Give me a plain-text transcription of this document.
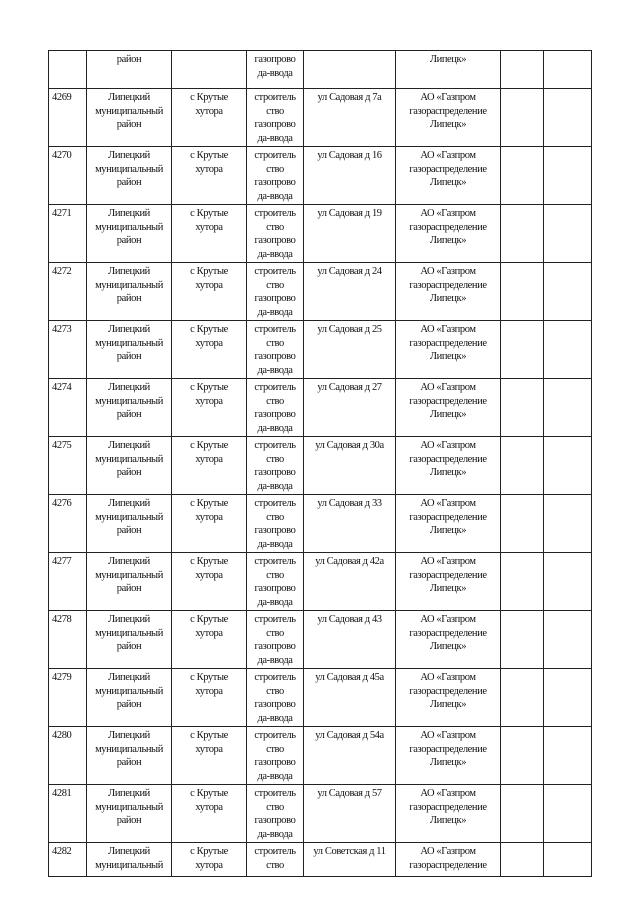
	район		газопрово
да-ввода		Липецк»		
4269	Липецкий
муниципальный
район	с Крутые
хутора	строитель
ство
газопрово
да-ввода	ул Садовая д 7а	АО «Газпром
газораспределение
Липецк»		
4270	Липецкий
муниципальный
район	с Крутые
хутора	строитель
ство
газопрово
да-ввода	ул Садовая д 16	АО «Газпром
газораспределение
Липецк»		
4271	Липецкий
муниципальный
район	с Крутые
хутора	строитель
ство
газопрово
да-ввода	ул Садовая д 19	АО «Газпром
газораспределение
Липецк»		
4272	Липецкий
муниципальный
район	с Крутые
хутора	строитель
ство
газопрово
да-ввода	ул Садовая д 24	АО «Газпром
газораспределение
Липецк»		
4273	Липецкий
муниципальный
район	с Крутые
хутора	строитель
ство
газопрово
да-ввода	ул Садовая д 25	АО «Газпром
газораспределение
Липецк»		
4274	Липецкий
муниципальный
район	с Крутые
хутора	строитель
ство
газопрово
да-ввода	ул Садовая д 27	АО «Газпром
газораспределение
Липецк»		
4275	Липецкий
муниципальный
район	с Крутые
хутора	строитель
ство
газопрово
да-ввода	ул Садовая д 30а	АО «Газпром
газораспределение
Липецк»		
4276	Липецкий
муниципальный
район	с Крутые
хутора	строитель
ство
газопрово
да-ввода	ул Садовая д 33	АО «Газпром
газораспределение
Липецк»		
4277	Липецкий
муниципальный
район	с Крутые
хутора	строитель
ство
газопрово
да-ввода	ул Садовая д 42а	АО «Газпром
газораспределение
Липецк»		
4278	Липецкий
муниципальный
район	с Крутые
хутора	строитель
ство
газопрово
да-ввода	ул Садовая д 43	АО «Газпром
газораспределение
Липецк»		
4279	Липецкий
муниципальный
район	с Крутые
хутора	строитель
ство
газопрово
да-ввода	ул Садовая д 45а	АО «Газпром
газораспределение
Липецк»		
4280	Липецкий
муниципальный
район	с Крутые
хутора	строитель
ство
газопрово
да-ввода	ул Садовая д 54а	АО «Газпром
газораспределение
Липецк»		
4281	Липецкий
муниципальный
район	с Крутые
хутора	строитель
ство
газопрово
да-ввода	ул Садовая д 57	АО «Газпром
газораспределение
Липецк»		
4282	Липецкий
муниципальный	с Крутые
хутора	строитель
ство	ул Советская д 11	АО «Газпром
газораспределение		
